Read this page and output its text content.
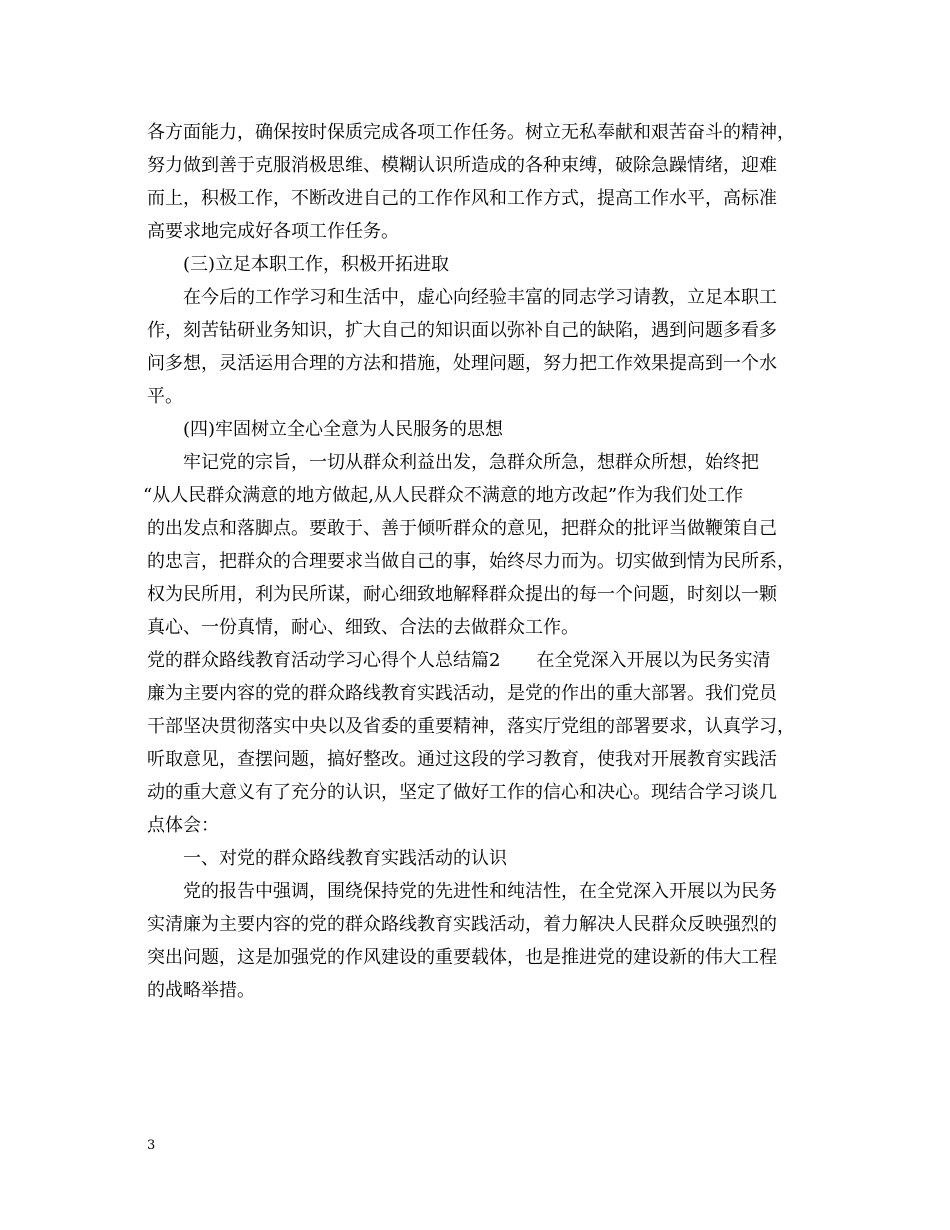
各方面能力，确保按时保质完成各项工作任务。树立无私奉献和艰苦奋斗的精神，
努力做到善于克服消极思维、模糊认识所造成的各种束缚，破除急躁情绪，迎难
而上，积极工作，不断改进自己的工作作风和工作方式，提高工作水平，高标准
高要求地完成好各项工作任务。
(三)立足本职工作，积极开拓进取
在今后的工作学习和生活中，虚心向经验丰富的同志学习请教，立足本职工
作，刻苦钻研业务知识，扩大自己的知识面以弥补自己的缺陷，遇到问题多看多
问多想，灵活运用合理的方法和措施，处理问题，努力把工作效果提高到一个水
平。
(四)牢固树立全心全意为人民服务的思想
牢记党的宗旨，一切从群众利益出发，急群众所急，想群众所想，始终把
“从人民群众满意的地方做起,从人民群众不满意的地方改起”作为我们处工作
的出发点和落脚点。要敢于、善于倾听群众的意见，把群众的批评当做鞭策自己
的忠言，把群众的合理要求当做自己的事，始终尽力而为。切实做到情为民所系，
权为民所用，利为民所谋，耐心细致地解释群众提出的每一个问题，时刻以一颗
真心、一份真情，耐心、细致、合法的去做群众工作。
党的群众路线教育活动学习心得个人总结篇2　　在全党深入开展以为民务实清
廉为主要内容的党的群众路线教育实践活动，是党的作出的重大部署。我们党员
干部坚决贯彻落实中央以及省委的重要精神，落实厅党组的部署要求，认真学习，
听取意见，查摆问题，搞好整改。通过这段的学习教育，使我对开展教育实践活
动的重大意义有了充分的认识，坚定了做好工作的信心和决心。现结合学习谈几
点体会：
一、对党的群众路线教育实践活动的认识
党的报告中强调，围绕保持党的先进性和纯洁性，在全党深入开展以为民务
实清廉为主要内容的党的群众路线教育实践活动，着力解决人民群众反映强烈的
突出问题，这是加强党的作风建设的重要载体，也是推进党的建设新的伟大工程
的战略举措。
3
